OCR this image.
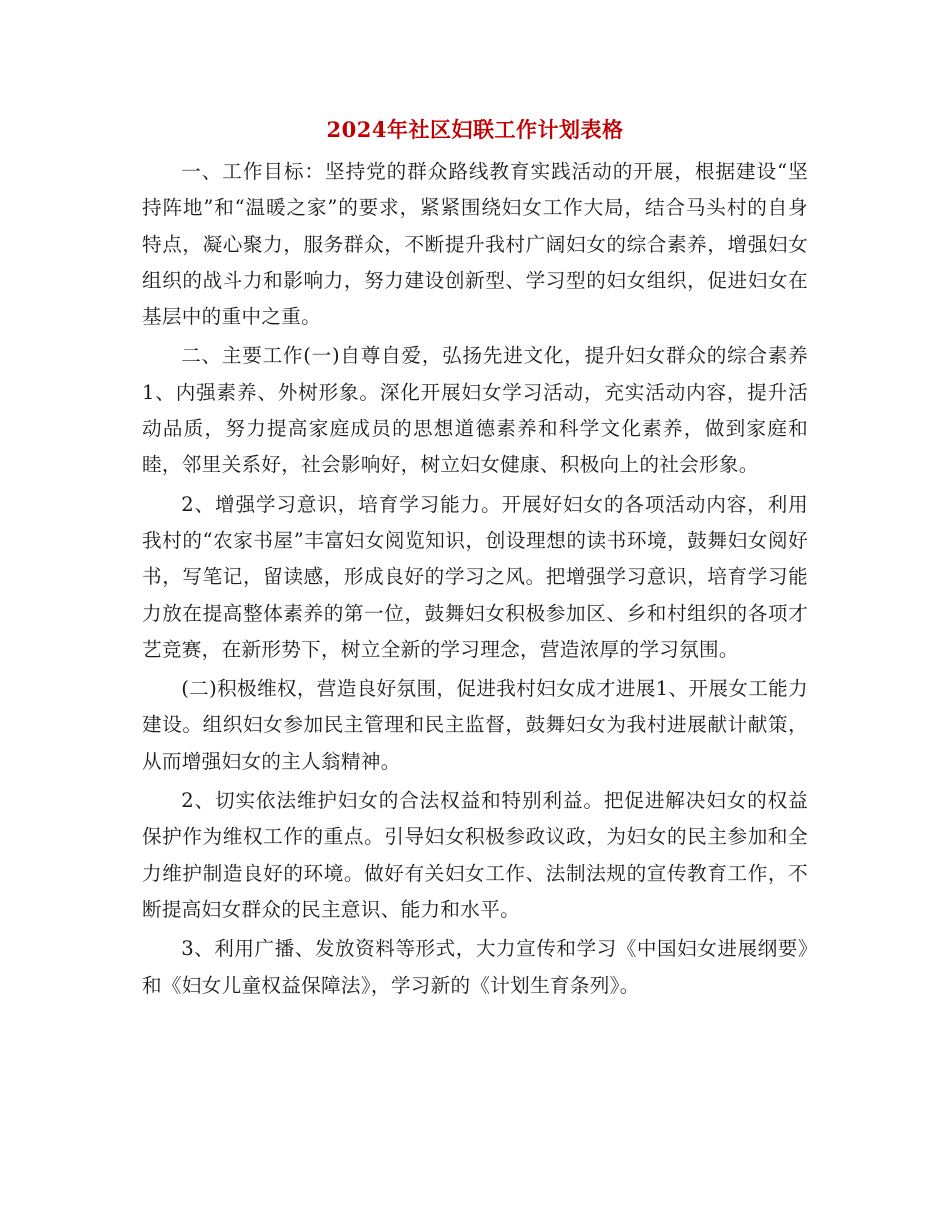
2024年社区妇联工作计划表格

一、工作目标：坚持党的群众路线教育实践活动的开展，根据建设“坚持阵地”和“温暖之家”的要求，紧紧围绕妇女工作大局，结合马头村的自身特点，凝心聚力，服务群众，不断提升我村广阔妇女的综合素养，增强妇女组织的战斗力和影响力，努力建设创新型、学习型的妇女组织，促进妇女在基层中的重中之重。

二、主要工作(一)自尊自爱，弘扬先进文化，提升妇女群众的综合素养1、内强素养、外树形象。深化开展妇女学习活动，充实活动内容，提升活动品质，努力提高家庭成员的思想道德素养和科学文化素养，做到家庭和睦，邻里关系好，社会影响好，树立妇女健康、积极向上的社会形象。

2、增强学习意识，培育学习能力。开展好妇女的各项活动内容，利用我村的“农家书屋”丰富妇女阅览知识，创设理想的读书环境，鼓舞妇女阅好书，写笔记，留读感，形成良好的学习之风。把增强学习意识，培育学习能力放在提高整体素养的第一位，鼓舞妇女积极参加区、乡和村组织的各项才艺竞赛，在新形势下，树立全新的学习理念，营造浓厚的学习氛围。

(二)积极维权，营造良好氛围，促进我村妇女成才进展1、开展女工能力建设。组织妇女参加民主管理和民主监督，鼓舞妇女为我村进展献计献策，从而增强妇女的主人翁精神。

2、切实依法维护妇女的合法权益和特别利益。把促进解决妇女的权益保护作为维权工作的重点。引导妇女积极参政议政，为妇女的民主参加和全力维护制造良好的环境。做好有关妇女工作、法制法规的宣传教育工作，不断提高妇女群众的民主意识、能力和水平。

3、利用广播、发放资料等形式，大力宣传和学习《中国妇女进展纲要》和《妇女儿童权益保障法》，学习新的《计划生育条列》。
